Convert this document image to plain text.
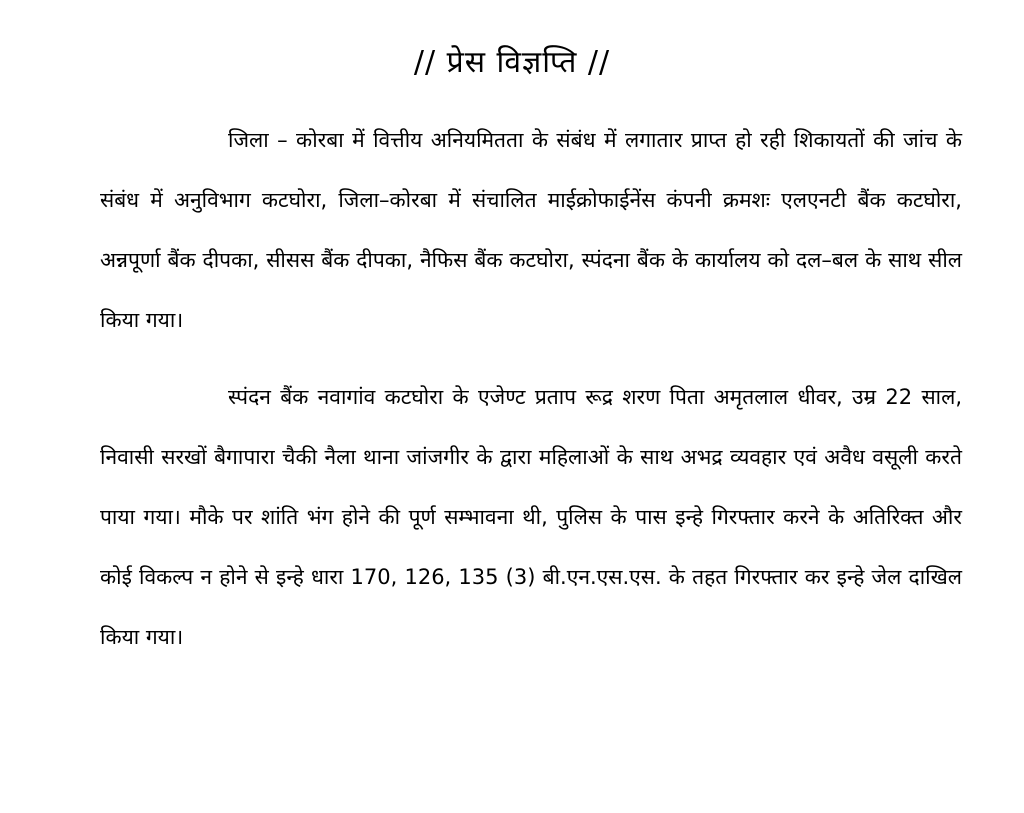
// प्रेस विज्ञप्ति //

जिला – कोरबा में वित्तीय अनियमितता के संबंध में लगातार प्राप्त हो रही शिकायतों की जांच के संबंध में अनुविभाग कटघोरा, जिला–कोरबा में संचालित माईक्रोफाईनेंस कंपनी क्रमशः एलएनटी बैंक कटघोरा, अन्नपूर्णा बैंक दीपका, सीसस बैंक दीपका, नैफिस बैंक कटघोरा, स्पंदना बैंक के कार्यालय को दल–बल के साथ सील किया गया।

स्पंदन बैंक नवागांव कटघोरा के एजेण्ट प्रताप रूद्र शरण पिता अमृतलाल धीवर, उम्र 22 साल, निवासी सरखों बैगापारा चैकी नैला थाना जांजगीर के द्वारा महिलाओं के साथ अभद्र व्यवहार एवं अवैध वसूली करते पाया गया। मौके पर शांति भंग होने की पूर्ण सम्भावना थी, पुलिस के पास इन्हे गिरफ्तार करने के अतिरिक्त और कोई विकल्प न होने से इन्हे धारा 170, 126, 135 (3) बी.एन.एस.एस. के तहत गिरफ्तार कर इन्हे जेल दाखिल किया गया।
